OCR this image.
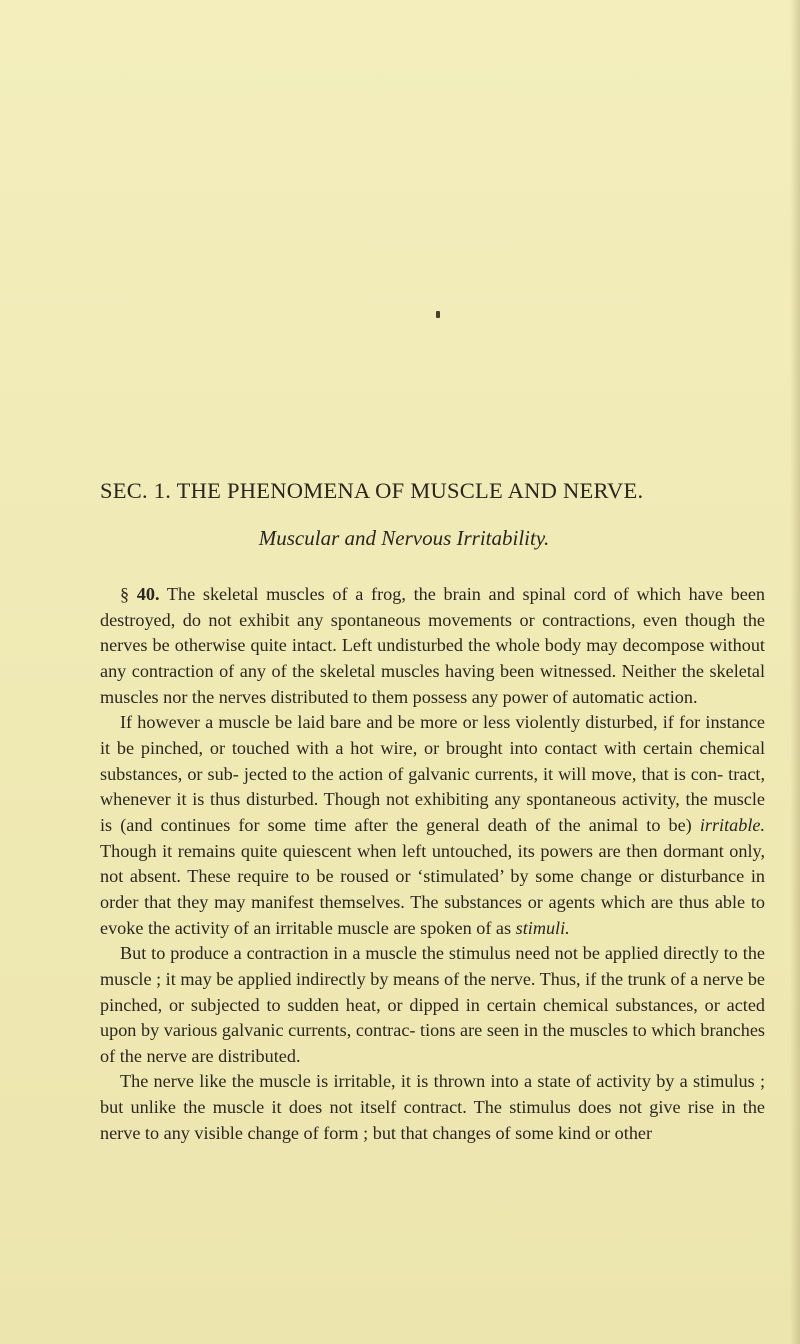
SEC. 1. THE PHENOMENA OF MUSCLE AND NERVE.
Muscular and Nervous Irritability.

§ 40. The skeletal muscles of a frog, the brain and spinal cord of which have been destroyed, do not exhibit any spontaneous movements or contractions, even though the nerves be otherwise quite intact. Left undisturbed the whole body may decompose without any contraction of any of the skeletal muscles having been witnessed. Neither the skeletal muscles nor the nerves distributed to them possess any power of automatic action.

If however a muscle be laid bare and be more or less violently disturbed, if for instance it be pinched, or touched with a hot wire, or brought into contact with certain chemical substances, or sub- jected to the action of galvanic currents, it will move, that is con- tract, whenever it is thus disturbed. Though not exhibiting any spontaneous activity, the muscle is (and continues for some time after the general death of the animal to be) irritable. Though it remains quite quiescent when left untouched, its powers are then dormant only, not absent. These require to be roused or ‘stimulated’ by some change or disturbance in order that they may manifest themselves. The substances or agents which are thus able to evoke the activity of an irritable muscle are spoken of as stimuli.

But to produce a contraction in a muscle the stimulus need not be applied directly to the muscle ; it may be applied indirectly by means of the nerve. Thus, if the trunk of a nerve be pinched, or subjected to sudden heat, or dipped in certain chemical substances, or acted upon by various galvanic currents, contrac- tions are seen in the muscles to which branches of the nerve are distributed.

The nerve like the muscle is irritable, it is thrown into a state of activity by a stimulus ; but unlike the muscle it does not itself contract. The stimulus does not give rise in the nerve to any visible change of form ; but that changes of some kind or other
